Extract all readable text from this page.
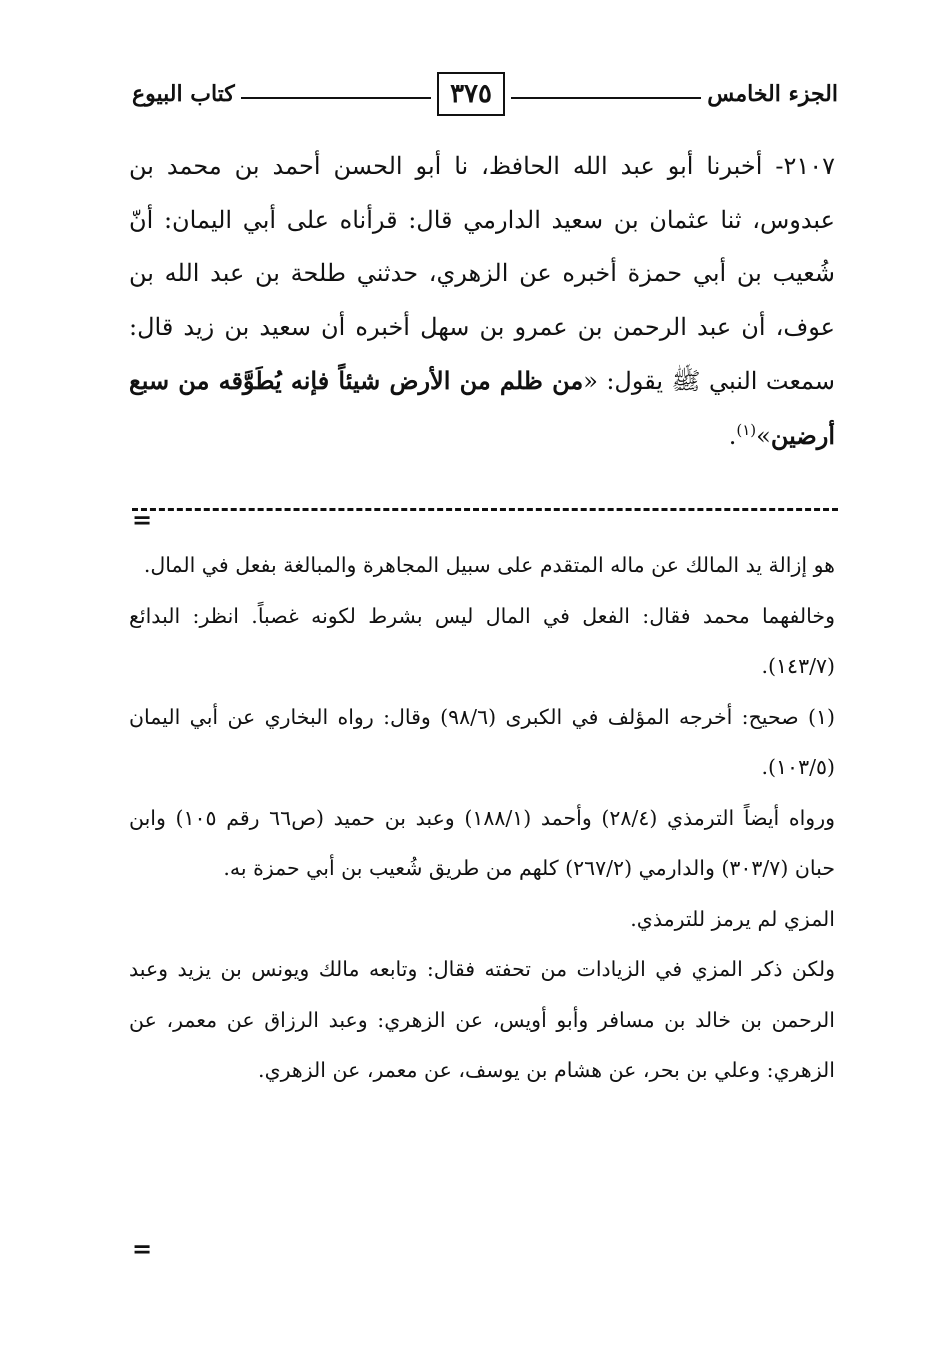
الجزء الخامس
٣٧٥
كتاب البيوع
٢١٠٧- أخبرنا أبو عبد الله الحافظ، نا أبو الحسن أحمد بن محمد بن عبدوس، ثنا عثمان بن سعيد الدارمي قال: قرأناه على أبي اليمان: أنّ شُعيب بن أبي حمزة أخبره عن الزهري، حدثني طلحة بن عبد الله بن عوف، أن عبد الرحمن بن عمرو بن سهل أخبره أن سعيد بن زيد قال: سمعت النبي ﷺ يقول: «من ظلم من الأرض شيئاً فإنه يُطَوَّقه من سبع أرضين»$^{(١)}$.
=

هو إزالة يد المالك عن ماله المتقدم على سبيل المجاهرة والمبالغة بفعل في المال.

وخالفهما محمد فقال: الفعل في المال ليس بشرط لكونه غصباً. انظر: البدائع (١٤٣/٧).

(١) صحيح: أخرجه المؤلف في الكبرى (٩٨/٦) وقال: رواه البخاري عن أبي اليمان (١٠٣/٥).

ورواه أيضاً الترمذي (٢٨/٤) وأحمد (١٨٨/١) وعبد بن حميد (ص٦٦ رقم ١٠٥) وابن حبان (٣٠٣/٧) والدارمي (٢٦٧/٢) كلهم من طريق شُعيب بن أبي حمزة به.

المزي لم يرمز للترمذي.

ولكن ذكر المزي في الزيادات من تحفته فقال: وتابعه مالك ويونس بن يزيد وعبد الرحمن بن خالد بن مسافر وأبو أويس، عن الزهري: وعبد الرزاق عن معمر، عن الزهري: وعلي بن بحر، عن هشام بن يوسف، عن معمر، عن الزهري.

=
